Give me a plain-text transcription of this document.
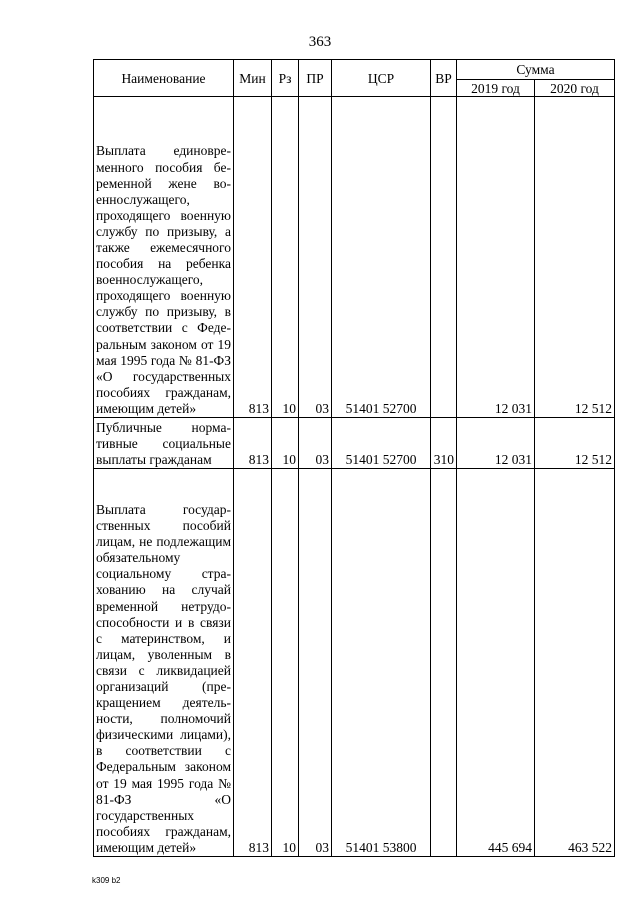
363
Наименование	Мин	Рз	ПР	ЦСР	ВР	Сумма	
						2019 год	2020 год
Выплата единовременного пособия беременной жене военнослужащего, проходящего военную службу по призыву, а также ежемесячного пособия на ребенка военнослужащего, проходящего военную службу по призыву, в соответствии с Федеральным законом от 19 мая 1995 года № 81-ФЗ «О государственных пособиях гражданам, имеющим детей»	813	10	03	51401 52700		12 031	12 512
Публичные нормативные социальные выплаты гражданам	813	10	03	51401 52700	310	12 031	12 512
Выплата государственных пособий лицам, не подлежащим обязательному социальному страхованию на случай временной нетрудоспособности и в связи с материнством, и лицам, уволенным в связи с ликвидацией организаций (прекращением деятельности, полномочий физическими лицами), в соответствии с Федеральным законом от 19 мая 1995 года № 81-ФЗ «О государственных пособиях гражданам, имеющим детей»	813	10	03	51401 53800		445 694	463 522
k309 b2
